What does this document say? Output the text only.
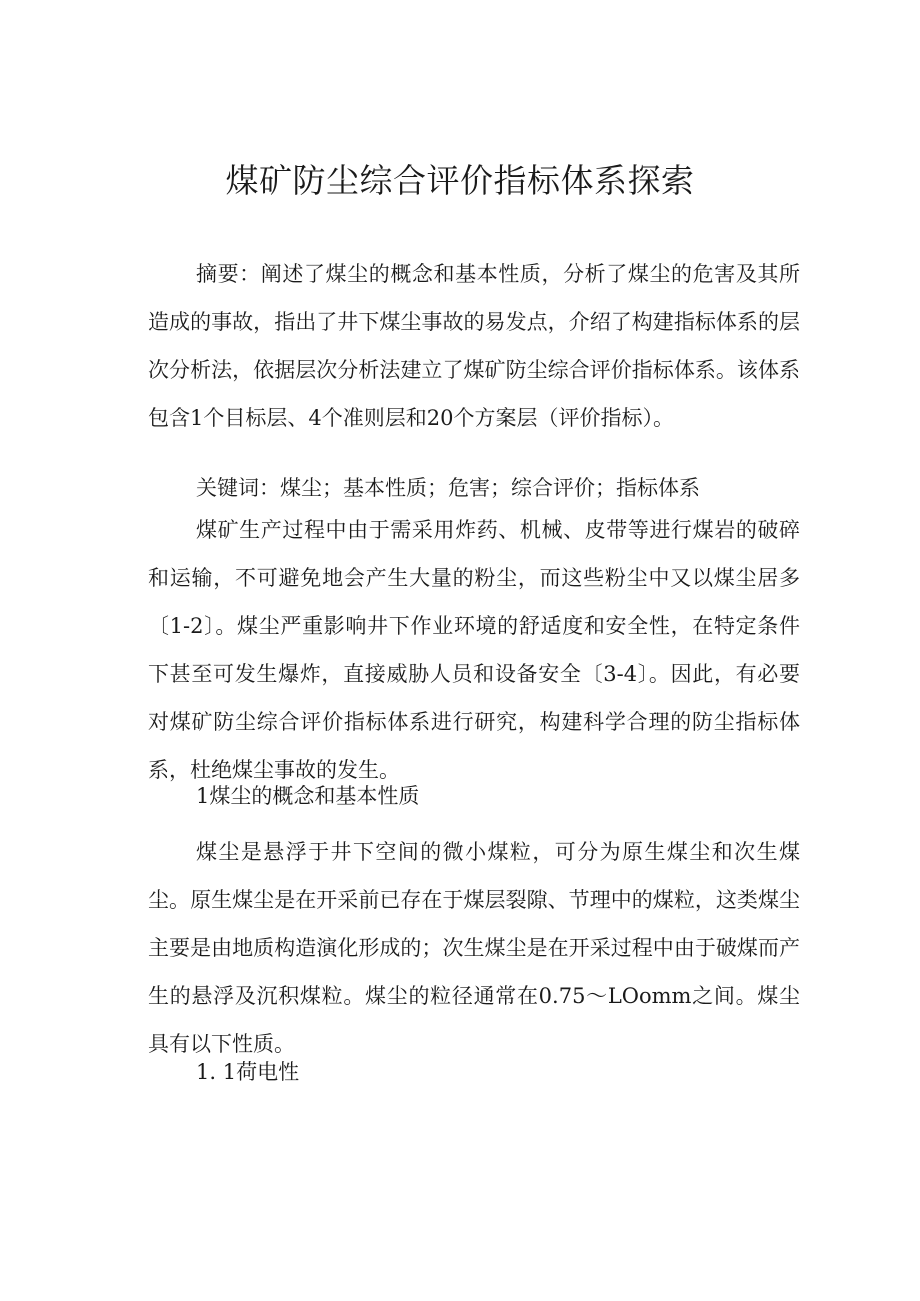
煤矿防尘综合评价指标体系探索

摘要：阐述了煤尘的概念和基本性质，分析了煤尘的危害及其所造成的事故，指出了井下煤尘事故的易发点，介绍了构建指标体系的层次分析法，依据层次分析法建立了煤矿防尘综合评价指标体系。该体系包含1个目标层、4个准则层和20个方案层（评价指标）。

关键词：煤尘；基本性质；危害；综合评价；指标体系

煤矿生产过程中由于需采用炸药、机械、皮带等进行煤岩的破碎和运输，不可避免地会产生大量的粉尘，而这些粉尘中又以煤尘居多〔1-2〕。煤尘严重影响井下作业环境的舒适度和安全性，在特定条件下甚至可发生爆炸，直接威胁人员和设备安全〔3-4〕。因此，有必要对煤矿防尘综合评价指标体系进行研究，构建科学合理的防尘指标体系，杜绝煤尘事故的发生。

1煤尘的概念和基本性质

煤尘是悬浮于井下空间的微小煤粒，可分为原生煤尘和次生煤尘。原生煤尘是在开采前已存在于煤层裂隙、节理中的煤粒，这类煤尘主要是由地质构造演化形成的；次生煤尘是在开采过程中由于破煤而产生的悬浮及沉积煤粒。煤尘的粒径通常在0.75～LOomm之间。煤尘具有以下性质。

1. 1荷电性
